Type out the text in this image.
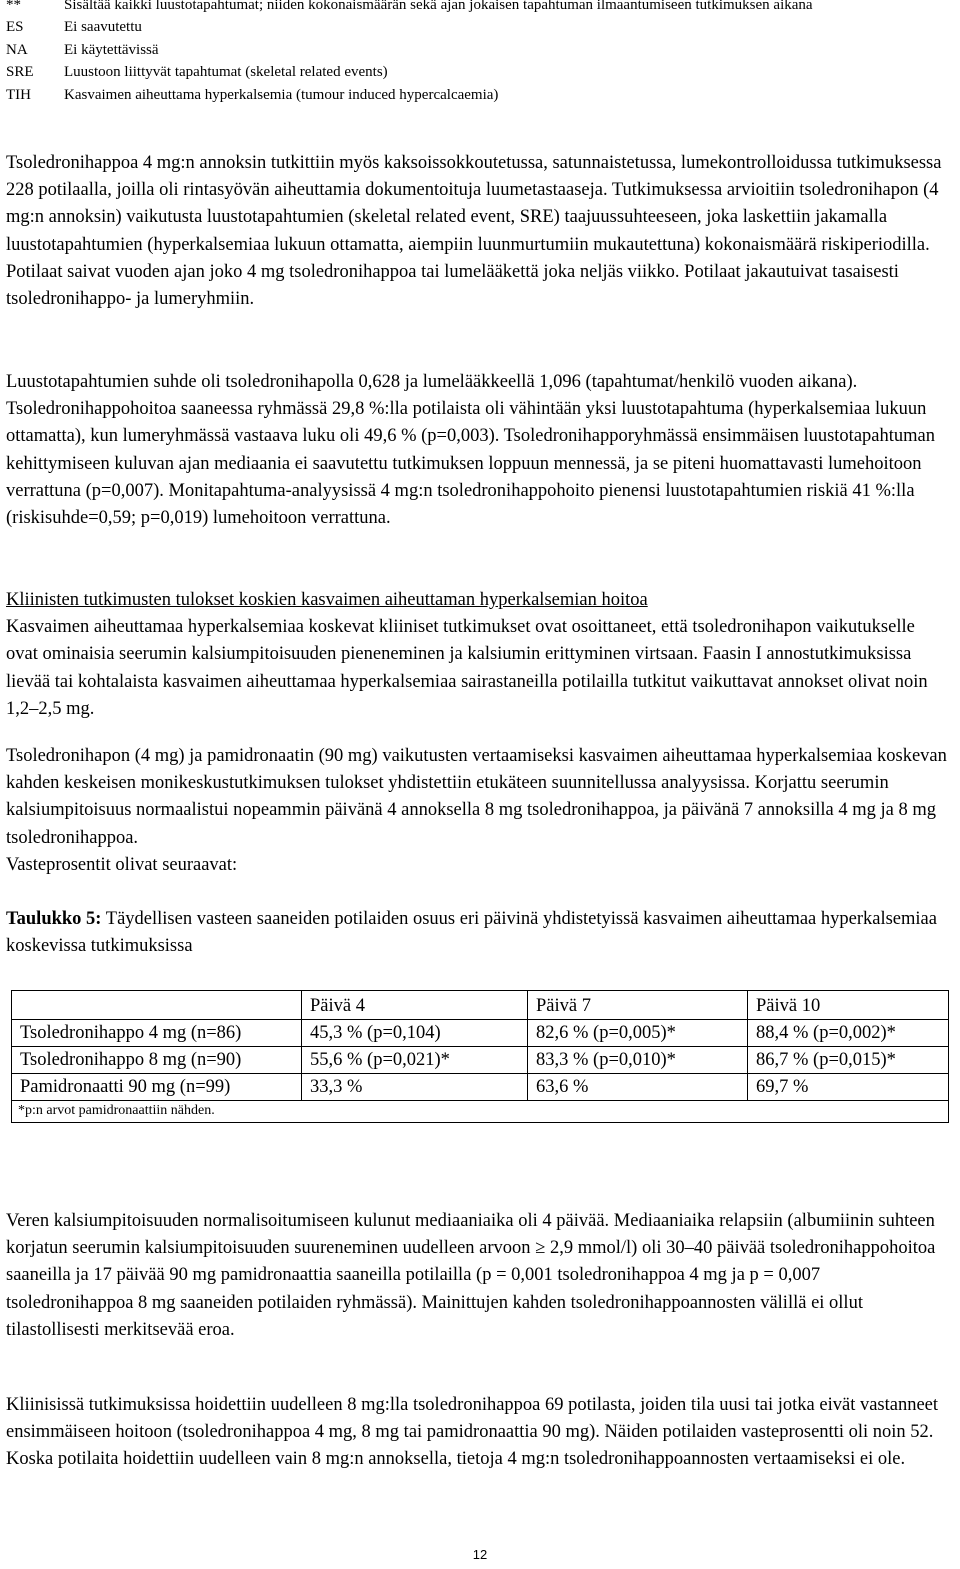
**	Sisältää kaikki luustotapahtumat; niiden kokonaismäärän sekä ajan jokaisen tapahtuman ilmaantumiseen tutkimuksen aikana
ES	Ei saavutettu
NA	Ei käytettävissä
SRE	Luustoon liittyvät tapahtumat (skeletal related events)
TIH	Kasvaimen aiheuttama hyperkalsemia (tumour induced hypercalcaemia)

Tsoledronihappoa 4 mg:n annoksin tutkittiin myös kaksoissokkoutetussa, satunnaistetussa, lumekontrolloidussa tutkimuksessa 228 potilaalla, joilla oli rintasyövän aiheuttamia dokumentoituja luumetastaaseja. Tutkimuksessa arvioitiin tsoledronihapon (4 mg:n annoksin) vaikutusta luustotapahtumien (skeletal related event, SRE) taajuussuhteeseen, joka laskettiin jakamalla luustotapahtumien (hyperkalsemiaa lukuun ottamatta, aiempiin luunmurtumiin mukautettuna) kokonaismäärä riskiperiodilla. Potilaat saivat vuoden ajan joko 4 mg tsoledronihappoa tai lumelääkettä joka neljäs viikko. Potilaat jakautuivat tasaisesti tsoledronihappo- ja lumeryhmiin.

Luustotapahtumien suhde oli tsoledronihapolla 0,628 ja lumelääkkeellä 1,096 (tapahtumat/henkilö vuoden aikana). Tsoledronihappohoitoa saaneessa ryhmässä 29,8 %:lla potilaista oli vähintään yksi luustotapahtuma (hyperkalsemiaa lukuun ottamatta), kun lumeryhmässä vastaava luku oli 49,6 % (p=0,003). Tsoledronihapporyhmässä ensimmäisen luustotapahtuman kehittymiseen kuluvan ajan mediaania ei saavutettu tutkimuksen loppuun mennessä, ja se piteni huomattavasti lumehoitoon verrattuna (p=0,007). Monitapahtuma-analyysissä 4 mg:n tsoledronihappohoito pienensi luustotapahtumien riskiä 41 %:lla (riskisuhde=0,59; p=0,019) lumehoitoon verrattuna.

Kliinisten tutkimusten tulokset koskien kasvaimen aiheuttaman hyperkalsemian hoitoa

Kasvaimen aiheuttamaa hyperkalsemiaa koskevat kliiniset tutkimukset ovat osoittaneet, että tsoledronihapon vaikutukselle ovat ominaisia seerumin kalsiumpitoisuuden pieneneminen ja kalsiumin erittyminen virtsaan. Faasin I annostutkimuksissa lievää tai kohtalaista kasvaimen aiheuttamaa hyperkalsemiaa sairastaneilla potilailla tutkitut vaikuttavat annokset olivat noin 1,2–2,5 mg.

Tsoledronihapon (4 mg) ja pamidronaatin (90 mg) vaikutusten vertaamiseksi kasvaimen aiheuttamaa hyperkalsemiaa koskevan kahden keskeisen monikeskustutkimuksen tulokset yhdistettiin etukäteen suunnitellussa analyysissa. Korjattu seerumin kalsiumpitoisuus normaalistui nopeammin päivänä 4 annoksella 8 mg tsoledronihappoa, ja päivänä 7 annoksilla 4 mg ja 8 mg tsoledronihappoa.

Vasteprosentit olivat seuraavat:

Taulukko 5: Täydellisen vasteen saaneiden potilaiden osuus eri päivinä yhdistetyissä kasvaimen aiheuttamaa hyperkalsemiaa koskevissa tutkimuksissa

	Päivä 4	Päivä 7	Päivä 10
Tsoledronihappo 4 mg (n=86)	45,3 % (p=0,104)	82,6 % (p=0,005)*	88,4 % (p=0,002)*
Tsoledronihappo 8 mg (n=90)	55,6 % (p=0,021)*	83,3 % (p=0,010)*	86,7 % (p=0,015)*
Pamidronaatti 90 mg (n=99)	33,3 %	63,6 %	69,7 %
*p:n arvot pamidronaattiin nähden.			

Veren kalsiumpitoisuuden normalisoitumiseen kulunut mediaaniaika oli 4 päivää. Mediaaniaika relapsiin (albumiinin suhteen korjatun seerumin kalsiumpitoisuuden suureneminen uudelleen arvoon ≥ 2,9 mmol/l) oli 30–40 päivää tsoledronihappohoitoa saaneilla ja 17 päivää 90 mg pamidronaattia saaneilla potilailla (p = 0,001 tsoledronihappoa 4 mg ja p = 0,007 tsoledronihappoa 8 mg saaneiden potilaiden ryhmässä). Mainittujen kahden tsoledronihappoannosten välillä ei ollut tilastollisesti merkitsevää eroa.

Kliinisissä tutkimuksissa hoidettiin uudelleen 8 mg:lla tsoledronihappoa 69 potilasta, joiden tila uusi tai jotka eivät vastanneet ensimmäiseen hoitoon (tsoledronihappoa 4 mg, 8 mg tai pamidronaattia 90 mg). Näiden potilaiden vasteprosentti oli noin 52. Koska potilaita hoidettiin uudelleen vain 8 mg:n annoksella, tietoja 4 mg:n tsoledronihappoannosten vertaamiseksi ei ole.

12
